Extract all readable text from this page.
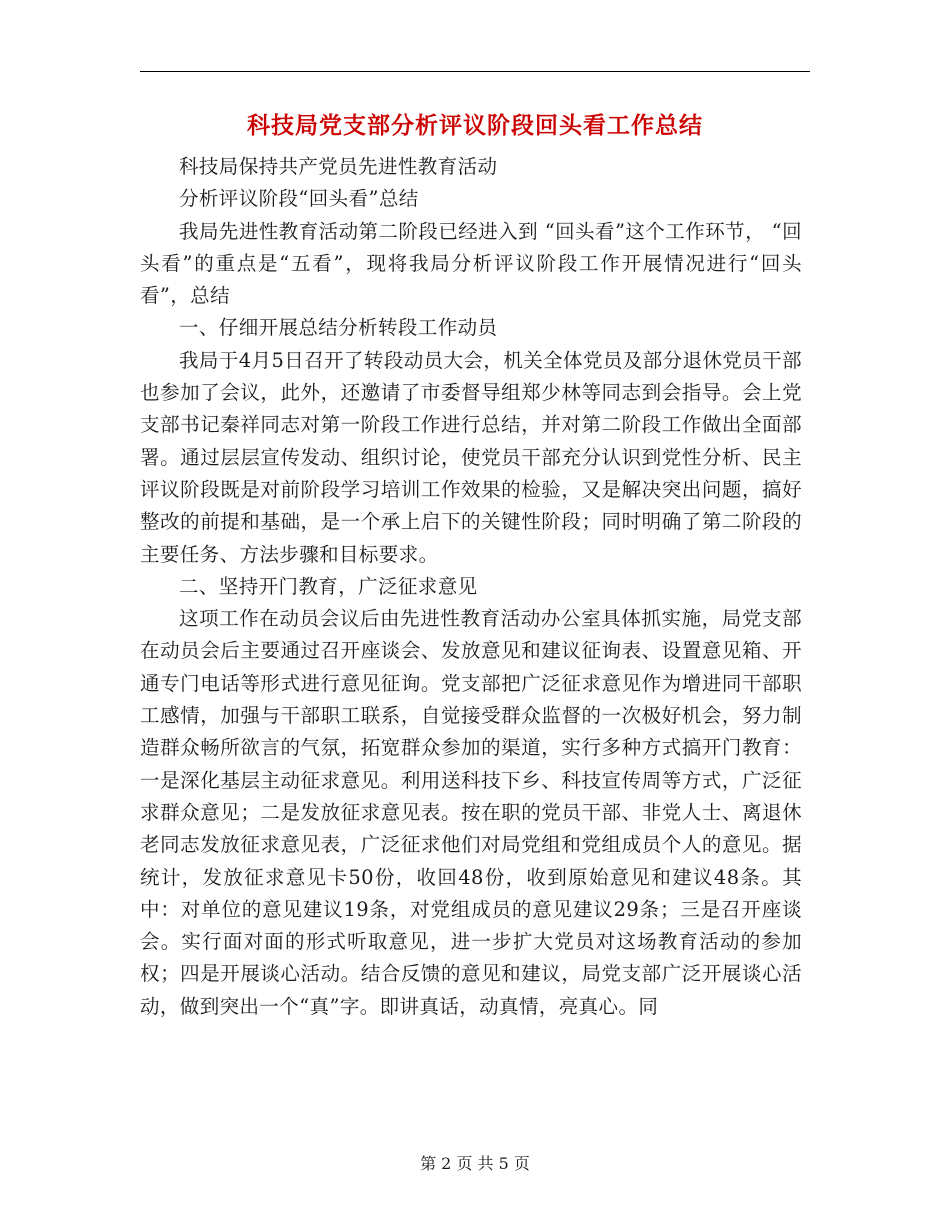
科技局党支部分析评议阶段回头看工作总结

科技局保持共产党员先进性教育活动

分析评议阶段“回头看”总结

我局先进性教育活动第二阶段已经进入到 “回头看”这个工作环节， “回头看”的重点是“五看”，现将我局分析评议阶段工作开展情况进行“回头看”，总结

一、仔细开展总结分析转段工作动员

我局于4月5日召开了转段动员大会，机关全体党员及部分退休党员干部也参加了会议，此外，还邀请了市委督导组郑少林等同志到会指导。会上党支部书记秦祥同志对第一阶段工作进行总结，并对第二阶段工作做出全面部署。通过层层宣传发动、组织讨论，使党员干部充分认识到党性分析、民主评议阶段既是对前阶段学习培训工作效果的检验，又是解决突出问题，搞好整改的前提和基础，是一个承上启下的关键性阶段；同时明确了第二阶段的主要任务、方法步骤和目标要求。

二、坚持开门教育，广泛征求意见

这项工作在动员会议后由先进性教育活动办公室具体抓实施，局党支部在动员会后主要通过召开座谈会、发放意见和建议征询表、设置意见箱、开通专门电话等形式进行意见征询。党支部把广泛征求意见作为增进同干部职工感情，加强与干部职工联系，自觉接受群众监督的一次极好机会，努力制造群众畅所欲言的气氛，拓宽群众参加的渠道，实行多种方式搞开门教育：一是深化基层主动征求意见。利用送科技下乡、科技宣传周等方式，广泛征求群众意见；二是发放征求意见表。按在职的党员干部、非党人士、离退休老同志发放征求意见表，广泛征求他们对局党组和党组成员个人的意见。据统计，发放征求意见卡50份，收回48份，收到原始意见和建议48条。其中：对单位的意见建议19条，对党组成员的意见建议29条；三是召开座谈会。实行面对面的形式听取意见，进一步扩大党员对这场教育活动的参加权；四是开展谈心活动。结合反馈的意见和建议，局党支部广泛开展谈心活动，做到突出一个“真”字。即讲真话，动真情，亮真心。同

第 2 页 共 5 页
